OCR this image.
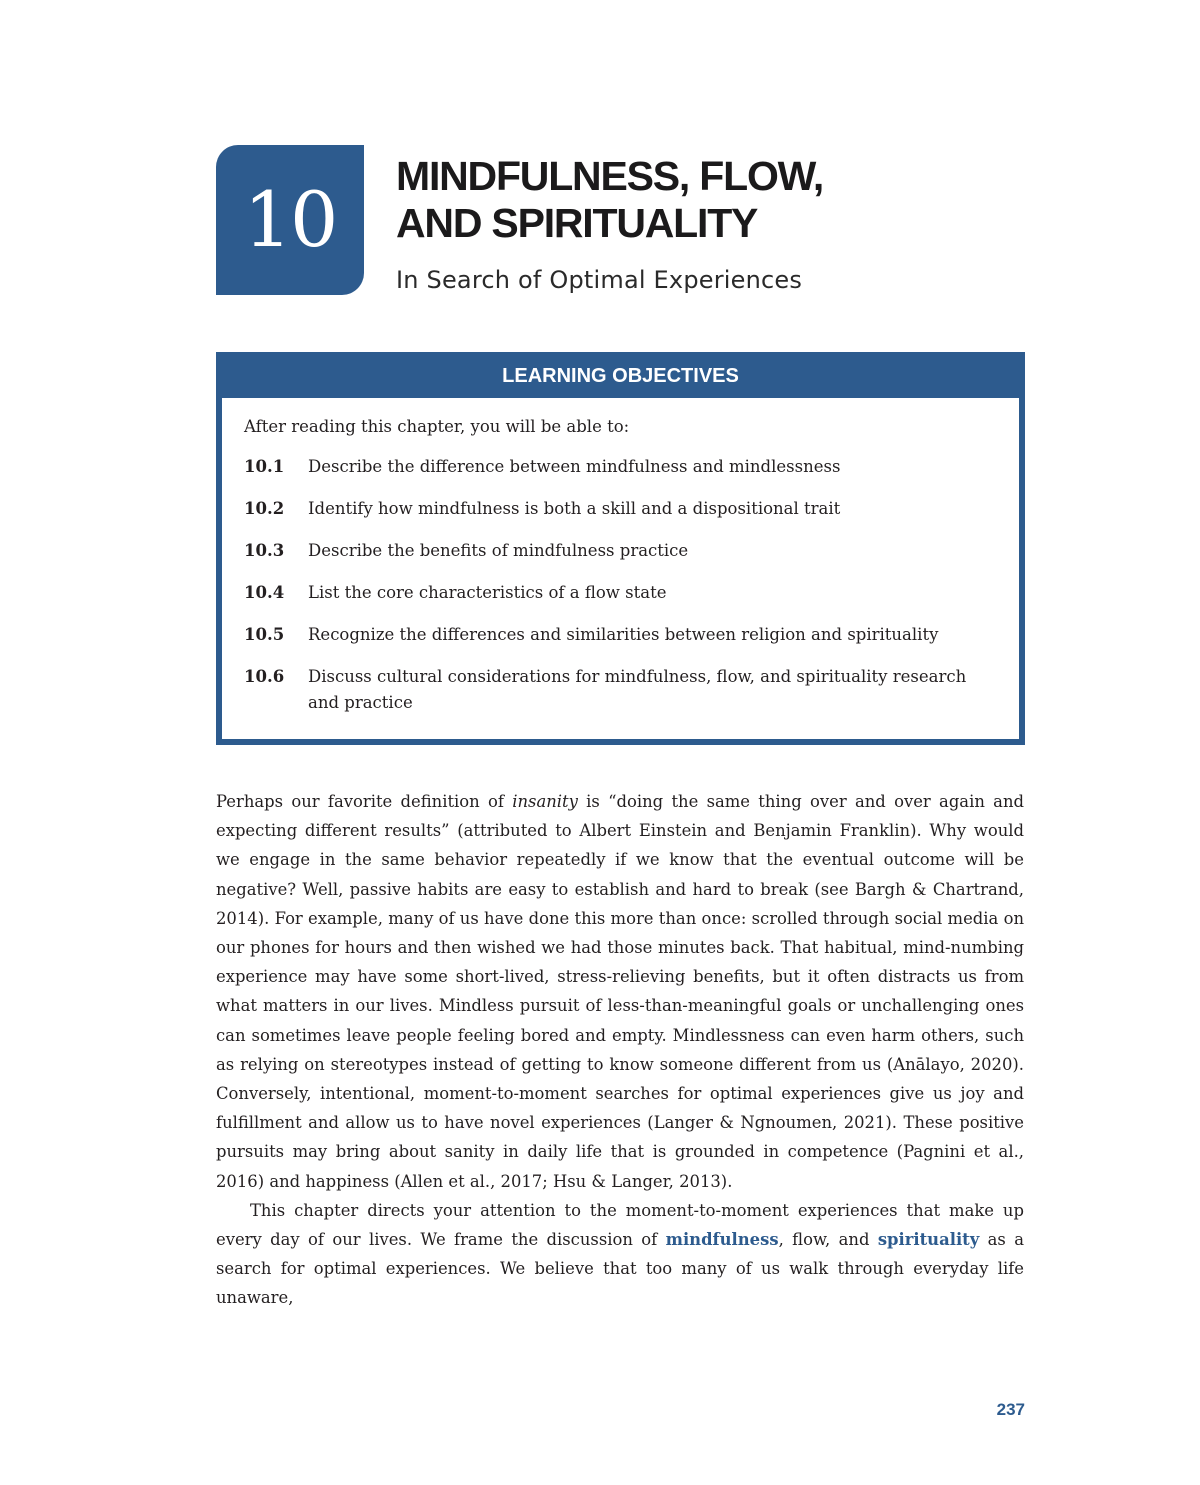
10	MINDFULNESS, FLOW,
AND SPIRITUALITY
In Search of Optimal Experiences
LEARNING OBJECTIVES
After reading this chapter, you will be able to:
10.1	Describe the difference between mindfulness and mindlessness
10.2	Identify how mindfulness is both a skill and a dispositional trait
10.3	Describe the benefits of mindfulness practice
10.4	List the core characteristics of a flow state
10.5	Recognize the differences and similarities between religion and spirituality
10.6	Discuss cultural considerations for mindfulness, flow, and spirituality research and practice

Perhaps our favorite definition of insanity is “doing the same thing over and over again and expecting different results” (attributed to Albert Einstein and Benjamin Franklin). Why would we engage in the same behavior repeatedly if we know that the eventual outcome will be negative? Well, passive habits are easy to establish and hard to break (see Bargh & Chartrand, 2014). For example, many of us have done this more than once: scrolled through social media on our phones for hours and then wished we had those minutes back. That habitual, mind-numbing experience may have some short-lived, stress-relieving benefits, but it often distracts us from what matters in our lives. Mindless pursuit of less-than-meaningful goals or unchallenging ones can sometimes leave people feeling bored and empty. Mindlessness can even harm others, such as relying on stereotypes instead of getting to know someone different from us (Anālayo, 2020). Conversely, intentional, moment-to-moment searches for optimal experiences give us joy and fulfillment and allow us to have novel experiences (Langer & Ngnoumen, 2021). These positive pursuits may bring about sanity in daily life that is grounded in competence (Pagnini et al., 2016) and happiness (Allen et al., 2017; Hsu & Langer, 2013).

This chapter directs your attention to the moment-to-moment experiences that make up every day of our lives. We frame the discussion of mindfulness, flow, and spirituality as a search for optimal experiences. We believe that too many of us walk through everyday life unaware,

237
